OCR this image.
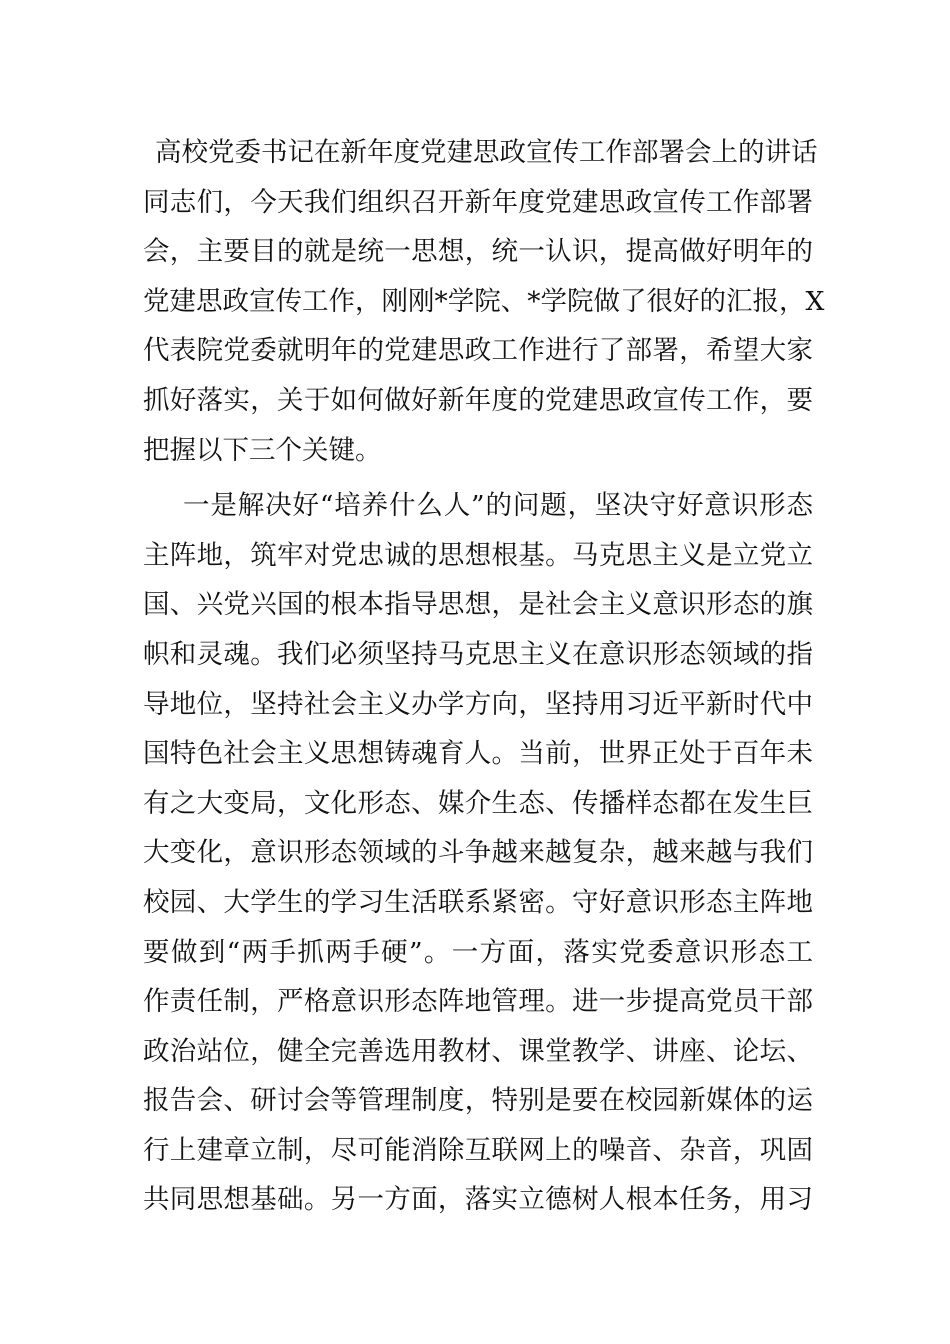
高校党委书记在新年度党建思政宣传工作部署会上的讲话
同志们，今天我们组织召开新年度党建思政宣传工作部署
会，主要目的就是统一思想，统一认识，提高做好明年的
党建思政宣传工作，刚刚*学院、*学院做了很好的汇报，X
代表院党委就明年的党建思政工作进行了部署，希望大家
抓好落实，关于如何做好新年度的党建思政宣传工作，要
把握以下三个关键。
一是解决好“培养什么人”的问题，坚决守好意识形态
主阵地，筑牢对党忠诚的思想根基。马克思主义是立党立
国、兴党兴国的根本指导思想，是社会主义意识形态的旗
帜和灵魂。我们必须坚持马克思主义在意识形态领域的指
导地位，坚持社会主义办学方向，坚持用习近平新时代中
国特色社会主义思想铸魂育人。当前，世界正处于百年未
有之大变局，文化形态、媒介生态、传播样态都在发生巨
大变化，意识形态领域的斗争越来越复杂，越来越与我们
校园、大学生的学习生活联系紧密。守好意识形态主阵地
要做到“两手抓两手硬”。一方面，落实党委意识形态工
作责任制，严格意识形态阵地管理。进一步提高党员干部
政治站位，健全完善选用教材、课堂教学、讲座、论坛、
报告会、研讨会等管理制度，特别是要在校园新媒体的运
行上建章立制，尽可能消除互联网上的噪音、杂音，巩固
共同思想基础。另一方面，落实立德树人根本任务，用习
